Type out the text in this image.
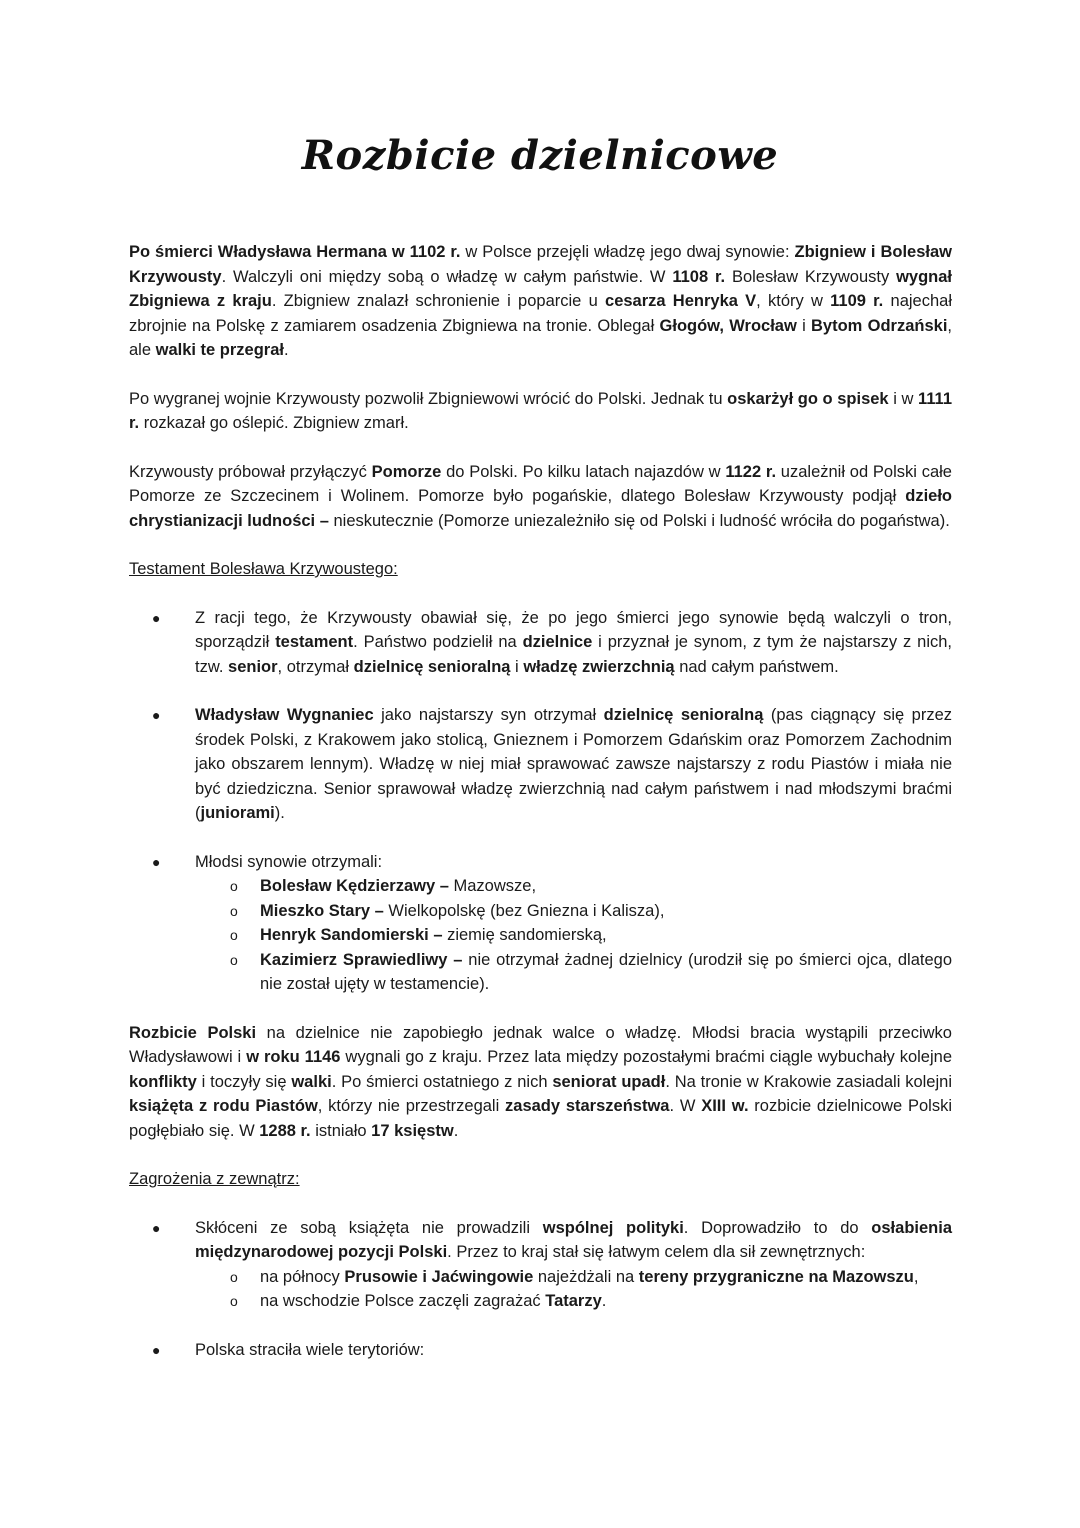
Rozbicie dzielnicowe

Po śmierci Władysława Hermana w 1102 r. w Polsce przejęli władzę jego dwaj synowie: Zbigniew i Bolesław Krzywousty. Walczyli oni między sobą o władzę w całym państwie. W 1108 r. Bolesław Krzywousty wygnał Zbigniewa z kraju. Zbigniew znalazł schronienie i poparcie u cesarza Henryka V, który w 1109 r. najechał zbrojnie na Polskę z zamiarem osadzenia Zbigniewa na tronie. Oblegał Głogów, Wrocław i Bytom Odrzański, ale walki te przegrał.

Po wygranej wojnie Krzywousty pozwolił Zbigniewowi wrócić do Polski. Jednak tu oskarżył go o spisek i w 1111 r. rozkazał go oślepić. Zbigniew zmarł.

Krzywousty próbował przyłączyć Pomorze do Polski. Po kilku latach najazdów w 1122 r. uzależnił od Polski całe Pomorze ze Szczecinem i Wolinem. Pomorze było pogańskie, dlatego Bolesław Krzywousty podjął dzieło chrystianizacji ludności – nieskutecznie (Pomorze uniezależniło się od Polski i ludność wróciła do pogaństwa).

Testament Bolesława Krzywoustego:
● Z racji tego, że Krzywousty obawiał się, że po jego śmierci jego synowie będą walczyli o tron, sporządził testament. Państwo podzielił na dzielnice i przyznał je synom, z tym że najstarszy z nich, tzw. senior, otrzymał dzielnicę senioralną i władzę zwierzchnią nad całym państwem.
● Władysław Wygnaniec jako najstarszy syn otrzymał dzielnicę senioralną (pas ciągnący się przez środek Polski, z Krakowem jako stolicą, Gnieznem i Pomorzem Gdańskim oraz Pomorzem Zachodnim jako obszarem lennym). Władzę w niej miał sprawować zawsze najstarszy z rodu Piastów i miała nie być dziedziczna. Senior sprawował władzę zwierzchnią nad całym państwem i nad młodszymi braćmi (juniorami).
● Młodsi synowie otrzymali:
o Bolesław Kędzierzawy – Mazowsze,
o Mieszko Stary – Wielkopolskę (bez Gniezna i Kalisza),
o Henryk Sandomierski – ziemię sandomierską,
o Kazimierz Sprawiedliwy – nie otrzymał żadnej dzielnicy (urodził się po śmierci ojca, dlatego nie został ujęty w testamencie).

Rozbicie Polski na dzielnice nie zapobiegło jednak walce o władzę. Młodsi bracia wystąpili przeciwko Władysławowi i w roku 1146 wygnali go z kraju. Przez lata między pozostałymi braćmi ciągle wybuchały kolejne konflikty i toczyły się walki. Po śmierci ostatniego z nich seniorat upadł. Na tronie w Krakowie zasiadali kolejni książęta z rodu Piastów, którzy nie przestrzegali zasady starszeństwa. W XIII w. rozbicie dzielnicowe Polski pogłębiało się. W 1288 r. istniało 17 księstw.

Zagrożenia z zewnątrz:
● Skłóceni ze sobą książęta nie prowadzili wspólnej polityki. Doprowadziło to do osłabienia międzynarodowej pozycji Polski. Przez to kraj stał się łatwym celem dla sił zewnętrznych:
o na północy Prusowie i Jaćwingowie najeżdżali na tereny przygraniczne na Mazowszu,
o na wschodzie Polsce zaczęli zagrażać Tatarzy.
● Polska straciła wiele terytoriów:
